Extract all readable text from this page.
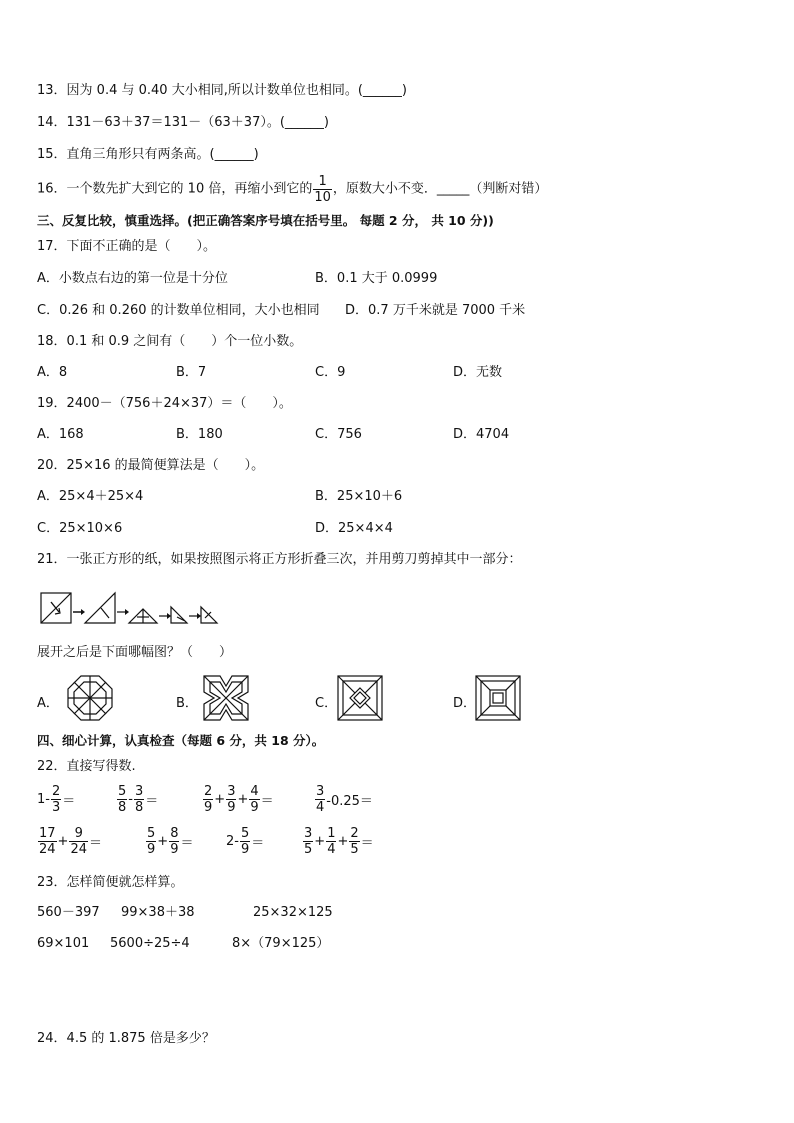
13．因为 0.4 与 0.40 大小相同,所以计数单位也相同。(______)
14．131－63＋37＝131－（63＋37）。(______)
15．直角三角形只有两条高。(______)
16．一个数先扩大到它的 10 倍，再缩小到它的 $\frac{1}{10}$ ，原数大小不变．_____（判断对错）
三、反复比较，慎重选择。(把正确答案序号填在括号里。 每题 2 分， 共 10 分))
17．下面不正确的是（　　）。
A．小数点右边的第一位是十分位	B．0.1 大于 0.0999
C．0.26 和 0.260 的计数单位相同，大小也相同 D．0.7 万千米就是 7000 千米
18．0.1 和 0.9 之间有（　　）个一位小数。
A．8	B．7	C．9	D．无数
19．2400－（756＋24×37）＝（　　）。
A．168	B．180	C．756	D．4704
20．25×16 的最简便算法是（　　）。
A．25×4＋25×4	B．25×10＋6
C．25×10×6	D．25×4×4
21．一张正方形的纸，如果按照图示将正方形折叠三次，并用剪刀剪掉其中一部分：
展开之后是下面哪幅图？（　　）
A．	B．	C．	D．
四、细心计算，认真检查（每题 6 分，共 18 分）。
22．直接写得数.
$1- \frac{2}{3}$ ＝	$\frac{5}{8} - \frac{3}{8}$ ＝	$\frac{2}{9} + \frac{3}{9} + \frac{4}{9}$ ＝	$\frac{3}{4} -0.25=$
$\frac{17}{24} + \frac{9}{24}$ ＝	$\frac{5}{9} + \frac{8}{9}$ ＝	$2- \frac{5}{9}$ ＝	$\frac{3}{5} + \frac{1}{4} + \frac{2}{5}$ ＝
23．怎样简便就怎样算。
560－397 99×38＋38	25×32×125
69×101 5600÷25÷4	8×（79×125）
24．4.5 的 1.875 倍是多少？
